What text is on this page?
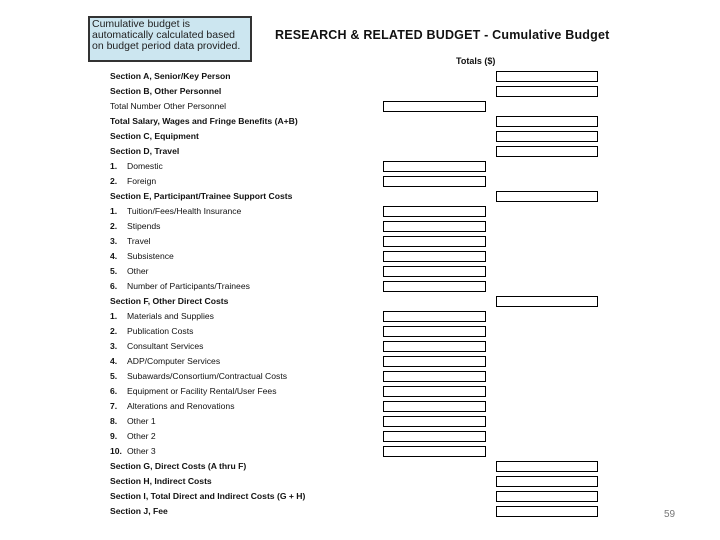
Cumulative budget is automatically calculated based on budget period data provided.
RESEARCH & RELATED BUDGET - Cumulative Budget
Totals ($)
Section A, Senior/Key Person
Section B, Other Personnel
Total Number Other Personnel
Total Salary, Wages and Fringe Benefits (A+B)
Section C, Equipment
Section D, Travel
1. Domestic
2. Foreign
Section E, Participant/Trainee Support Costs
1. Tuition/Fees/Health Insurance
2. Stipends
3. Travel
4. Subsistence
5. Other
6. Number of Participants/Trainees
Section F, Other Direct Costs
1. Materials and Supplies
2. Publication Costs
3. Consultant Services
4. ADP/Computer Services
5. Subawards/Consortium/Contractual Costs
6. Equipment or Facility Rental/User Fees
7. Alterations and Renovations
8. Other 1
9. Other 2
10. Other 3
Section G, Direct Costs (A thru F)
Section H, Indirect Costs
Section I, Total Direct and Indirect Costs (G + H)
Section J, Fee	59
